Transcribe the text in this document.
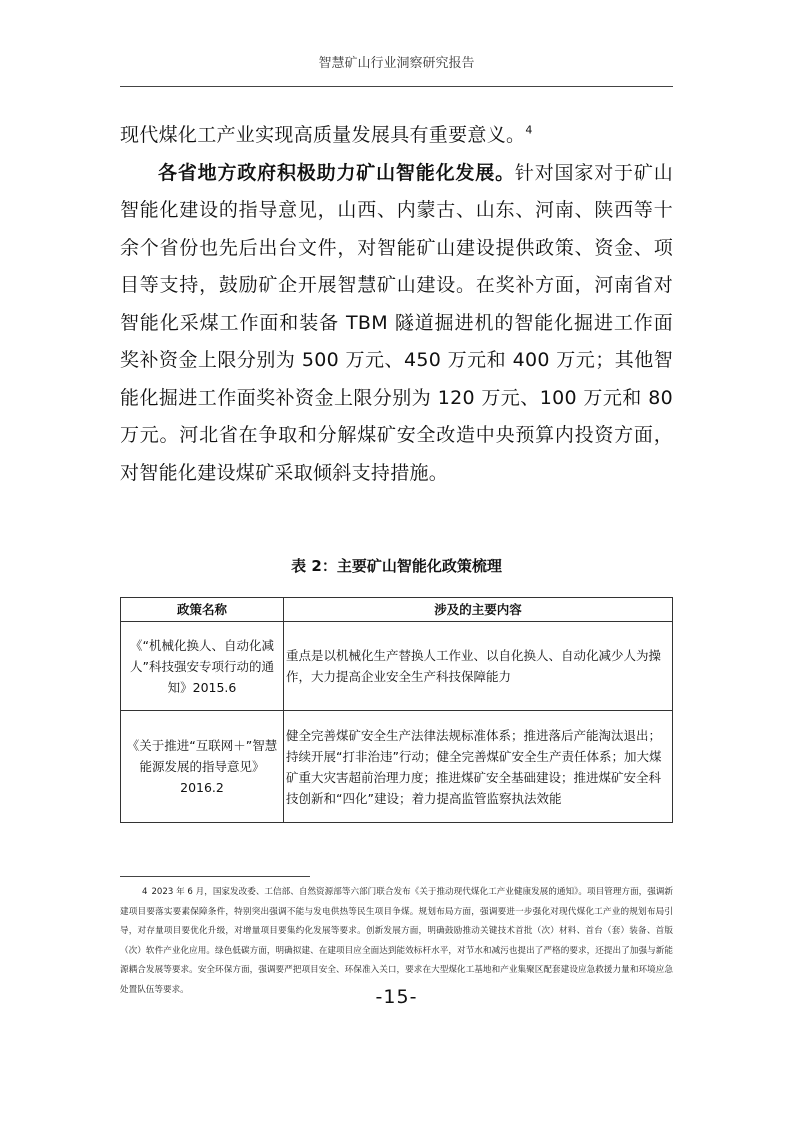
智慧矿山行业洞察研究报告

现代煤化工产业实现高质量发展具有重要意义。$^4$

各省地方政府积极助力矿山智能化发展。针对国家对于矿山智能化建设的指导意见，山西、内蒙古、山东、河南、陕西等十余个省份也先后出台文件，对智能矿山建设提供政策、资金、项目等支持，鼓励矿企开展智慧矿山建设。在奖补方面，河南省对智能化采煤工作面和装备 TBM 隧道掘进机的智能化掘进工作面奖补资金上限分别为 500 万元、450 万元和 400 万元；其他智能化掘进工作面奖补资金上限分别为 120 万元、100 万元和 80 万元。河北省在争取和分解煤矿安全改造中央预算内投资方面，对智能化建设煤矿采取倾斜支持措施。

表 2：主要矿山智能化政策梳理
政策名称	涉及的主要内容
《“机械化换人、自动化减人”科技强安专项行动的通知》2015.6	重点是以机械化生产替换人工作业、以自化换人、自动化减少人为操作，大力提高企业安全生产科技保障能力
《关于推进“互联网＋”智慧能源发展的指导意见》2016.2	健全完善煤矿安全生产法律法规标准体系；推进落后产能淘汰退出；持续开展“打非治违”行动；健全完善煤矿安全生产责任体系；加大煤矿重大灾害超前治理力度；推进煤矿安全基础建设；推进煤矿安全科技创新和“四化”建设；着力提高监管监察执法效能
4 2023 年 6 月，国家发改委、工信部、自然资源部等六部门联合发布《关于推动现代煤化工产业健康发展的通知》。项目管理方面，强调新建项目要落实要素保障条件，特别突出强调不能与发电供热等民生项目争煤。规划布局方面，强调要进一步强化对现代煤化工产业的规划布局引导，对存量项目要优化升级，对增量项目要集约化发展等要求。创新发展方面，明确鼓励推动关键技术首批（次）材料、首台（套）装备、首版（次）软件产业化应用。绿色低碳方面，明确拟建、在建项目应全面达到能效标杆水平，对节水和减污也提出了严格的要求，还提出了加强与新能源耦合发展等要求。安全环保方面，强调要严把项目安全、环保准入关口，要求在大型煤化工基地和产业集聚区配套建设应急救援力量和环境应急处置队伍等要求。	-15-
